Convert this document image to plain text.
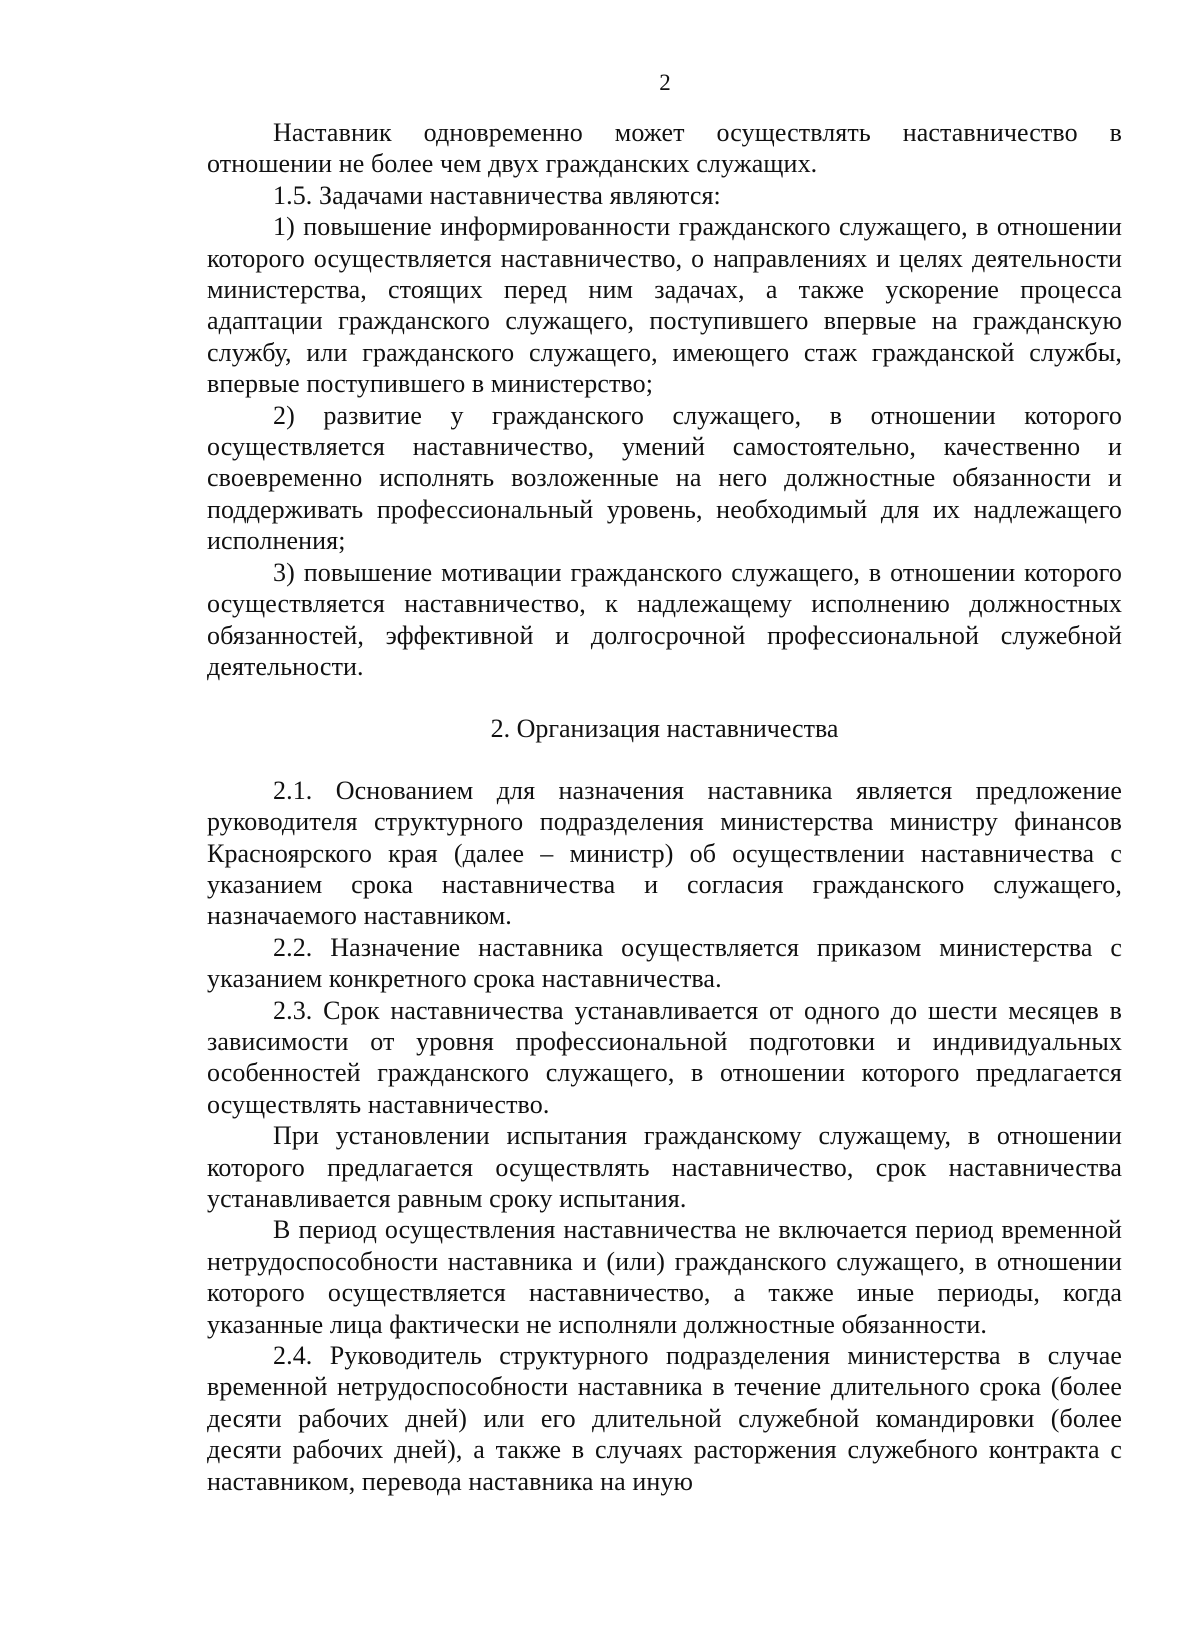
2

Наставник одновременно может осуществлять наставничество в отношении не более чем двух гражданских служащих.

1.5. Задачами наставничества являются:

1) повышение информированности гражданского служащего, в отношении которого осуществляется наставничество, о направлениях и целях деятельности министерства, стоящих перед ним задачах, а также ускорение процесса адаптации гражданского служащего, поступившего впервые на гражданскую службу, или гражданского служащего, имеющего стаж гражданской службы, впервые поступившего в министерство;

2) развитие у гражданского служащего, в отношении которого осуществляется наставничество, умений самостоятельно, качественно и своевременно исполнять возложенные на него должностные обязанности и поддерживать профессиональный уровень, необходимый для их надлежащего исполнения;

3) повышение мотивации гражданского служащего, в отношении которого осуществляется наставничество, к надлежащему исполнению должностных обязанностей, эффективной и долгосрочной профессиональной служебной деятельности.

2. Организация наставничества

2.1. Основанием для назначения наставника является предложение руководителя структурного подразделения министерства министру финансов Красноярского края (далее – министр) об осуществлении наставничества с указанием срока наставничества и согласия гражданского служащего, назначаемого наставником.

2.2. Назначение наставника осуществляется приказом министерства с указанием конкретного срока наставничества.

2.3. Срок наставничества устанавливается от одного до шести месяцев в зависимости от уровня профессиональной подготовки и индивидуальных особенностей гражданского служащего, в отношении которого предлагается осуществлять наставничество.

При установлении испытания гражданскому служащему, в отношении которого предлагается осуществлять наставничество, срок наставничества устанавливается равным сроку испытания.

В период осуществления наставничества не включается период временной нетрудоспособности наставника и (или) гражданского служащего, в отношении которого осуществляется наставничество, а также иные периоды, когда указанные лица фактически не исполняли должностные обязанности.

2.4. Руководитель структурного подразделения министерства в случае временной нетрудоспособности наставника в течение длительного срока (более десяти рабочих дней) или его длительной служебной командировки (более десяти рабочих дней), а также в случаях расторжения служебного контракта с наставником, перевода наставника на иную
